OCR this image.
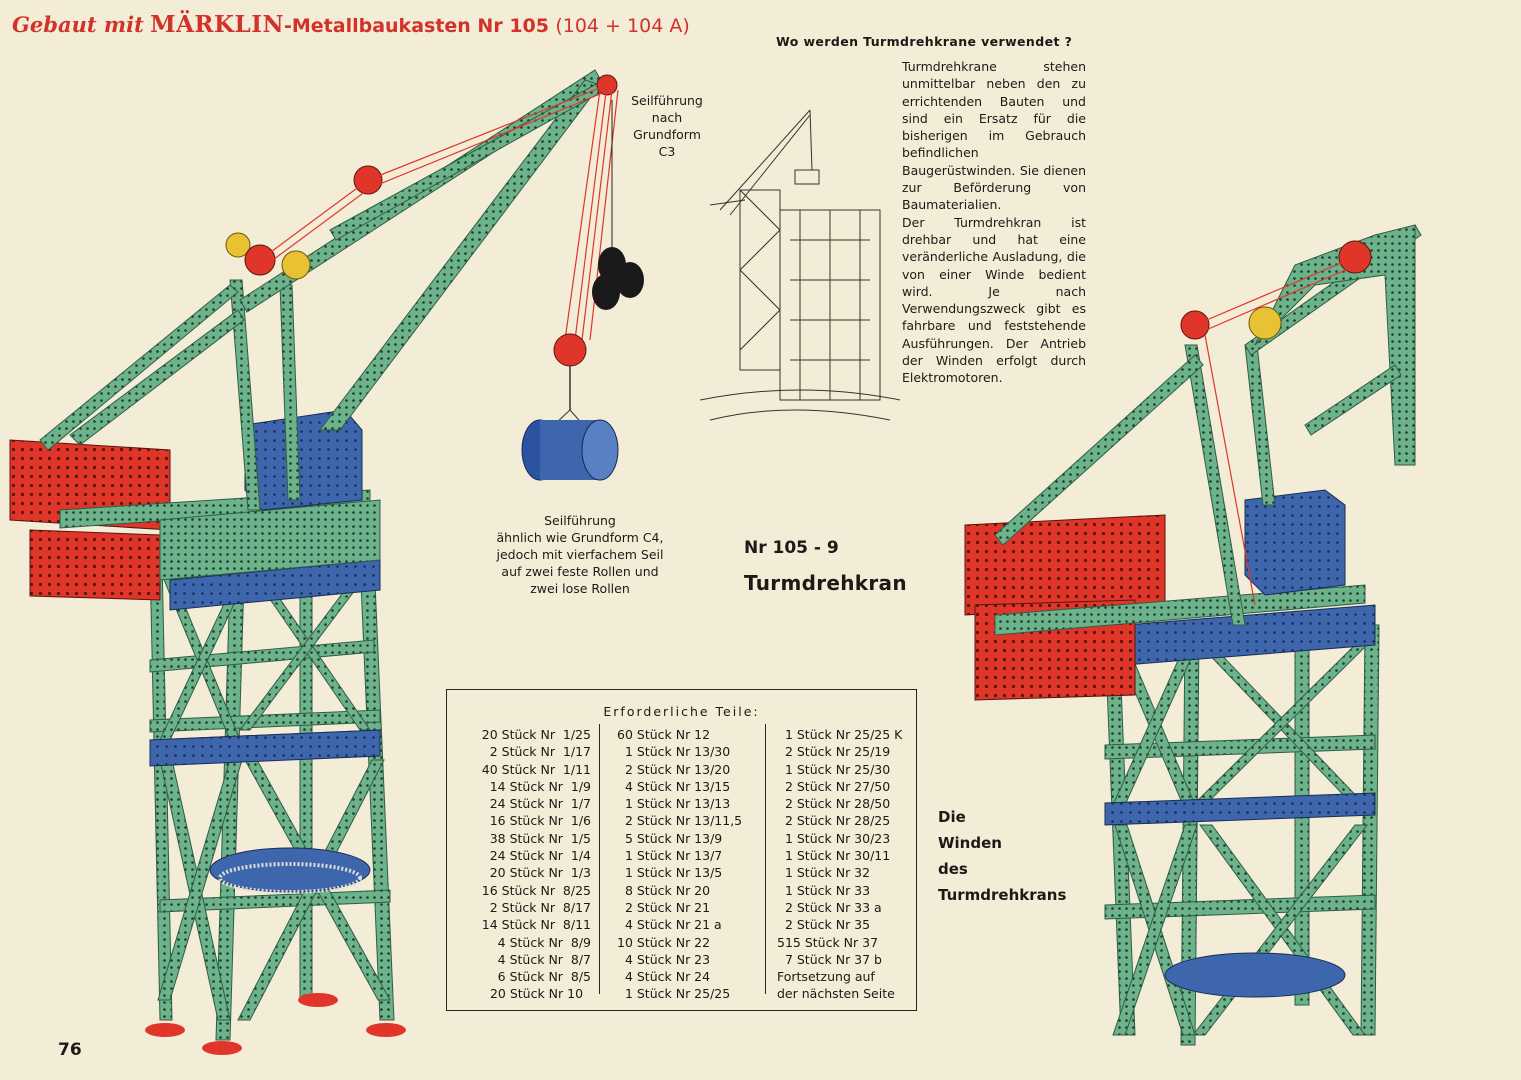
Gebaut mit MÄRKLIN-Metallbaukasten Nr 105 (104 + 104 A)
Seilführung
nach
Grundform
C3
Seilführung
ähnlich wie Grundform C4,
jedoch mit vierfachem Seil
auf zwei feste Rollen und
zwei lose Rollen
Wo werden Turmdrehkrane verwendet ?

Turmdrehkrane stehen unmittelbar neben den zu errichtenden Bauten und sind ein Ersatz für die bisherigen im Gebrauch befindlichen Baugerüstwinden. Sie dienen zur Beförderung von Baumaterialien.

Der Turmdrehkran ist drehbar und hat eine veränderliche Ausladung, die von einer Winde bedient wird. Je nach Verwendungszweck gibt es fahrbare und feststehende Ausführungen. Der Antrieb der Winden erfolgt durch Elektromotoren.

Nr 105 - 9
Turmdrehkran
Die
Winden
des
Turmdrehkrans
Erforderliche Teile:
20 Stück Nr  1/25
2 Stück Nr  1/17
40 Stück Nr  1/11
14 Stück Nr  1/9
24 Stück Nr  1/7
16 Stück Nr  1/6
38 Stück Nr  1/5
24 Stück Nr  1/4
20 Stück Nr  1/3
16 Stück Nr  8/25
2 Stück Nr  8/17
14 Stück Nr  8/11
4 Stück Nr  8/9
4 Stück Nr  8/7
6 Stück Nr  8/5
20 Stück Nr 10
60 Stück Nr 12
1 Stück Nr 13/30
2 Stück Nr 13/20
4 Stück Nr 13/15
1 Stück Nr 13/13
2 Stück Nr 13/11,5
5 Stück Nr 13/9
1 Stück Nr 13/7
1 Stück Nr 13/5
8 Stück Nr 20
2 Stück Nr 21
4 Stück Nr 21 a
10 Stück Nr 22
4 Stück Nr 23
4 Stück Nr 24
1 Stück Nr 25/25
1 Stück Nr 25/25 K
2 Stück Nr 25/19
1 Stück Nr 25/30
2 Stück Nr 27/50
2 Stück Nr 28/50
2 Stück Nr 28/25
1 Stück Nr 30/23
1 Stück Nr 30/11
1 Stück Nr 32
1 Stück Nr 33
2 Stück Nr 33 a
2 Stück Nr 35
515 Stück Nr 37
7 Stück Nr 37 b
Fortsetzung auf
der nächsten Seite
76
